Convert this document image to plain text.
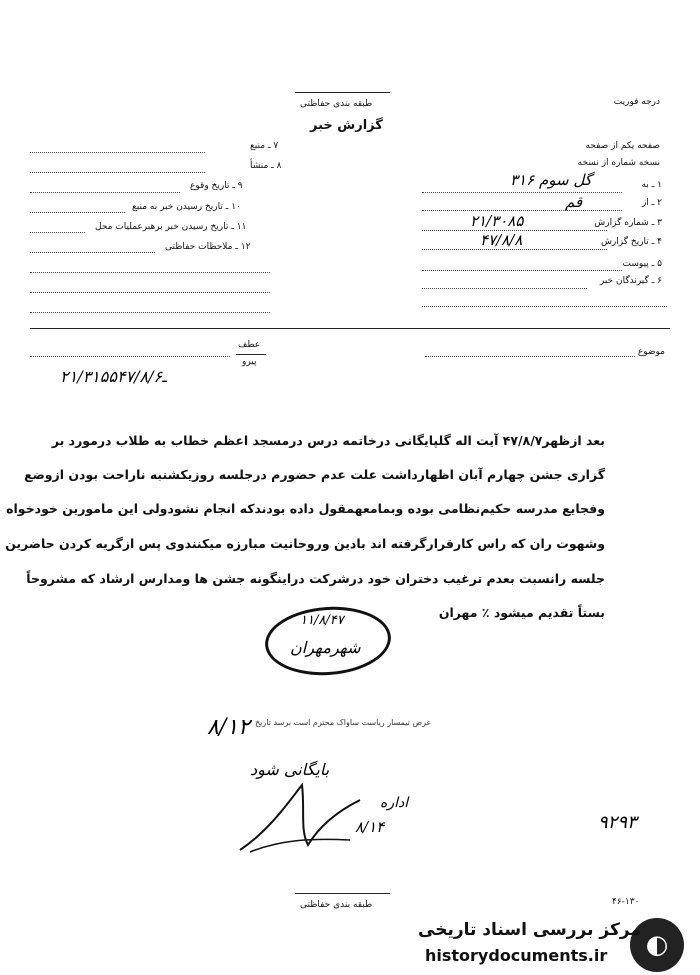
درجه فوریت
طبقه بندی حفاظتی
گزارش خبر
صفحه یکم از صفحه
نسخه شماره از نسخه
۱ ـ به
گل سوم ۳۱۶
۲ ـ از
قم
۳ ـ شماره گزارش
۲۱/۳۰۸۵
۴ ـ تاریخ گزارش
۴۷/۸/۸
۵ ـ پیوست
۶ ـ گیرندگان خبر
۷ ـ منبع
۸ ـ منشأ
۹ ـ تاریخ وقوع
۱۰ ـ تاریخ رسیدن خبر به منبع
۱۱ ـ تاریخ رسیدن خبر برهبرعملیات محل
۱۲ ـ ملاحظات حفاظتی
موضوع
عطف
پیرو
۲۱/۳۱۵۵ـ۴۷/۸/۶
بعد ازظهر۴۷/۸/۷ آیت اله گلپایگانی درخاتمه درس درمسجد اعظم خطاب به طلاب درمورد بر
گزاری جشن چهارم آبان اظهارداشت علت عدم حضورم درجلسه روزیکشنبه ناراحت بودن ازوضع
وفجایع مدرسه حکیم‌نظامی بوده وبمامعهمقول داده بودندکه انجام نشودولی این مامورین خودخواه
وشهوت ران که راس کارقرارگرفته اند بادین وروحانیت مبارزه میکنندوی پس ازگریه کردن حاضرین
جلسه رانسبت بعدم ترغیب دختران خود درشرکت دراینگونه جشن ها ومدارس ارشاد که مشروحاً
بستاً تقدیم میشود ٪ مهران
۱۱/۸/۴۷
شهرمهران
عرض تیمسار ریاست ساواک محترم است برسد تاریخ
۸/۱۲
بایگانی شود
اداره
۸/۱۴	۹۲۹۳
طبقه بندی حفاظتی	۴۶-۱۳۰
◐
مرکز بررسی اسناد تاریخی
historydocuments.ir
